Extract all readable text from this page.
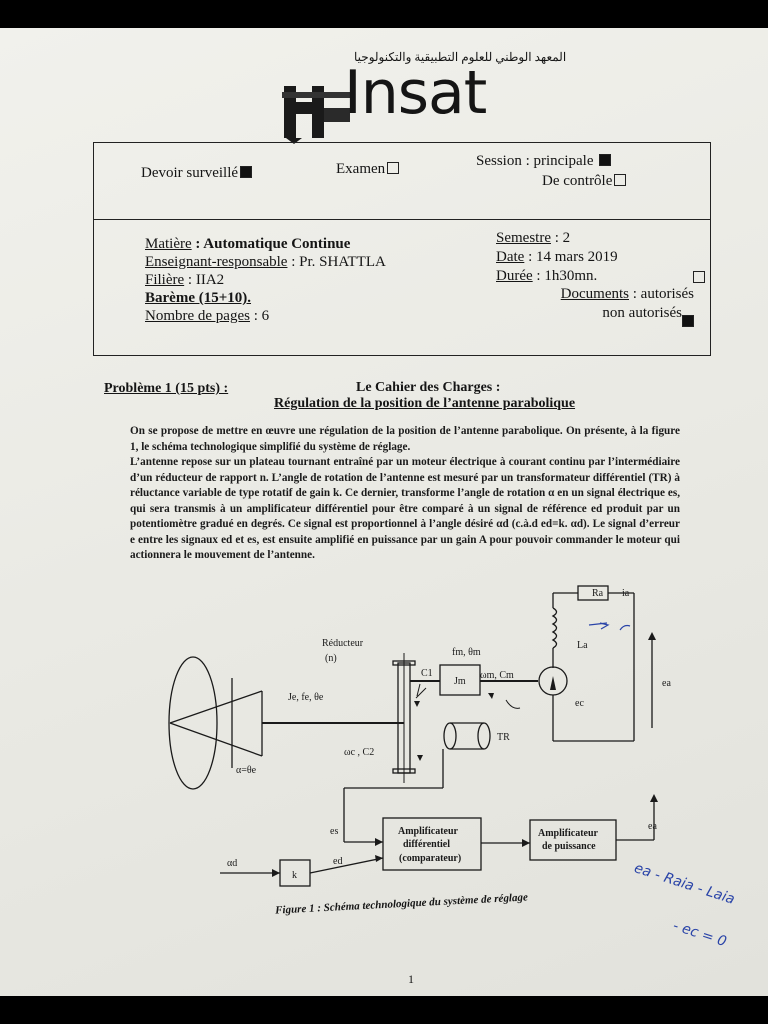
المعهد الوطني للعلوم التطبيقية والتكنولوجيا
Insat
Devoir surveillé	Examen	Session : principale
De contrôle
Matière : Automatique Continue
Enseignant-responsable : Pr. SHATTLA
Filière : IIA2
Barème (15+10).
Nombre de pages : 6
Semestre : 2
Date : 14 mars 2019
Durée : 1h30mn.
Documents : autorisés
non autorisés
Problème 1 (15 pts) :	Le Cahier des Charges :
Régulation de la position de l’antenne parabolique

On se propose de mettre en œuvre une régulation de la position de l’antenne parabolique. On présente, à la figure 1, le schéma technologique simplifié du système de réglage.

L’antenne repose sur un plateau tournant entraîné par un moteur électrique à courant continu par l’intermédiaire d’un réducteur de rapport n. L’angle de rotation de l’antenne est mesuré par un transformateur différentiel (TR) à réluctance variable de type rotatif de gain k. Ce dernier, transforme l’angle de rotation α en un signal électrique es, qui sera transmis à un amplificateur différentiel pour être comparé à un signal de référence ed produit par un potentiomètre gradué en degrés. Ce signal est proportionnel à l’angle désiré αd (c.à.d ed=k. αd). Le signal d’erreur e entre les signaux ed et es, est ensuite amplifié en puissance par un gain A pour pouvoir commander le moteur qui actionnera le mouvement de l’antenne.

Réducteur
(n)
C1
Jm
fm, θm
ωm, Cm
Ra ia
La
ea
ec
Je, fe, θe
α=θe
ωc , C2
TR
es
ed
αd
k
ea
Amplificateur
différentiel
(comparateur)
Amplificateur
de puissance
Figure 1 : Schéma technologique du système de réglage	ea - Raia - Laia
- ec = 0
1
